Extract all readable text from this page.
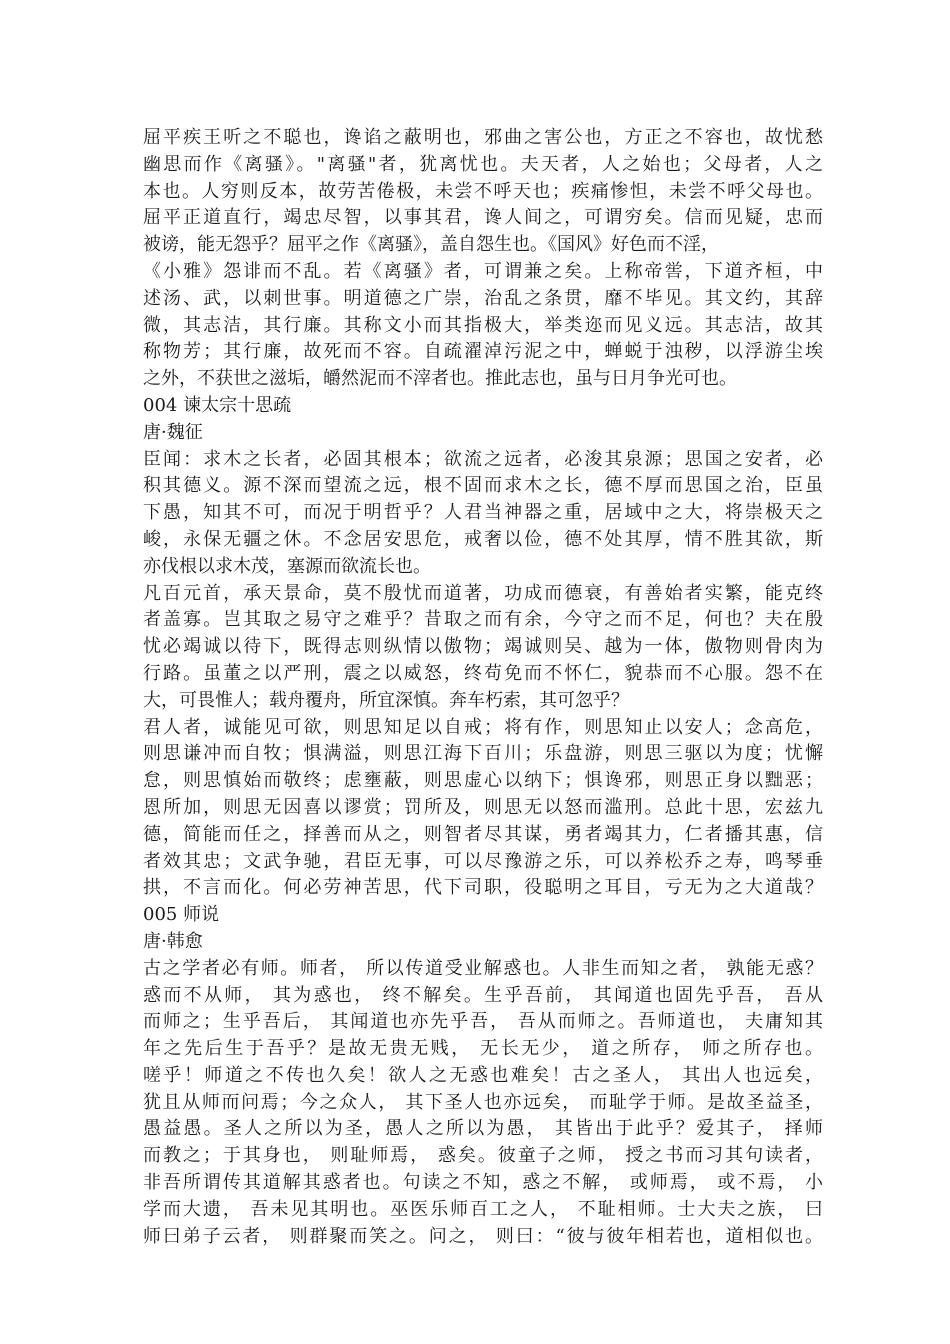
屈平疾王听之不聪也，谗谄之蔽明也，邪曲之害公也，方正之不容也，故忧愁
幽思而作《离骚》。"离骚"者，犹离忧也。夫天者，人之始也；父母者，人之
本也。人穷则反本，故劳苦倦极，未尝不呼天也；疾痛惨怛，未尝不呼父母也。
屈平正道直行，竭忠尽智，以事其君，谗人间之，可谓穷矣。信而见疑，忠而
被谤，能无怨乎？屈平之作《离骚》，盖自怨生也。《国风》好色而不淫，
《小雅》怨诽而不乱。若《离骚》者，可谓兼之矣。上称帝喾，下道齐桓，中
述汤、武，以刺世事。明道德之广崇，治乱之条贯，靡不毕见。其文约，其辞
微，其志洁，其行廉。其称文小而其指极大，举类迩而见义远。其志洁，故其
称物芳；其行廉，故死而不容。自疏濯淖污泥之中，蝉蜕于浊秽，以浮游尘埃
之外，不获世之滋垢，皭然泥而不滓者也。推此志也，虽与日月争光可也。
004 谏太宗十思疏
唐·魏征
臣闻：求木之长者，必固其根本；欲流之远者，必浚其泉源；思国之安者，必
积其德义。源不深而望流之远，根不固而求木之长，德不厚而思国之治，臣虽
下愚，知其不可，而况于明哲乎？人君当神器之重，居域中之大，将崇极天之
峻，永保无疆之休。不念居安思危，戒奢以俭，德不处其厚，情不胜其欲，斯
亦伐根以求木茂，塞源而欲流长也。
凡百元首，承天景命，莫不殷忧而道著，功成而德衰，有善始者实繁，能克终
者盖寡。岂其取之易守之难乎？昔取之而有余，今守之而不足，何也？夫在殷
忧必竭诚以待下，既得志则纵情以傲物；竭诚则吴、越为一体，傲物则骨肉为
行路。虽董之以严刑，震之以威怒，终苟免而不怀仁，貌恭而不心服。怨不在
大，可畏惟人；载舟覆舟，所宜深慎。奔车朽索，其可忽乎？
君人者，诚能见可欲，则思知足以自戒；将有作，则思知止以安人；念高危，
则思谦冲而自牧；惧满溢，则思江海下百川；乐盘游，则思三驱以为度；忧懈
怠，则思慎始而敬终；虑壅蔽，则思虚心以纳下；惧谗邪，则思正身以黜恶；
恩所加，则思无因喜以谬赏；罚所及，则思无以怒而滥刑。总此十思，宏兹九
德，简能而任之，择善而从之，则智者尽其谋，勇者竭其力，仁者播其惠，信
者效其忠；文武争驰，君臣无事，可以尽豫游之乐，可以养松乔之寿，鸣琴垂
拱，不言而化。何必劳神苦思，代下司职，役聪明之耳目，亏无为之大道哉？
005 师说
唐·韩愈
古之学者必有师。师者， 所以传道受业解惑也。人非生而知之者， 孰能无惑？
惑而不从师， 其为惑也， 终不解矣。生乎吾前， 其闻道也固先乎吾， 吾从
而师之；生乎吾后， 其闻道也亦先乎吾， 吾从而师之。吾师道也， 夫庸知其
年之先后生于吾乎？是故无贵无贱， 无长无少， 道之所存， 师之所存也。
嗟乎！师道之不传也久矣！欲人之无惑也难矣！古之圣人， 其出人也远矣，
犹且从师而问焉；今之众人， 其下圣人也亦远矣， 而耻学于师。是故圣益圣，
愚益愚。圣人之所以为圣，愚人之所以为愚， 其皆出于此乎？爱其子， 择师
而教之；于其身也， 则耻师焉， 惑矣。彼童子之师， 授之书而习其句读者，
非吾所谓传其道解其惑者也。句读之不知，惑之不解， 或师焉， 或不焉， 小
学而大遗， 吾未见其明也。巫医乐师百工之人， 不耻相师。士大夫之族， 曰
师曰弟子云者， 则群聚而笑之。问之， 则曰：“彼与彼年相若也，道相似也。
